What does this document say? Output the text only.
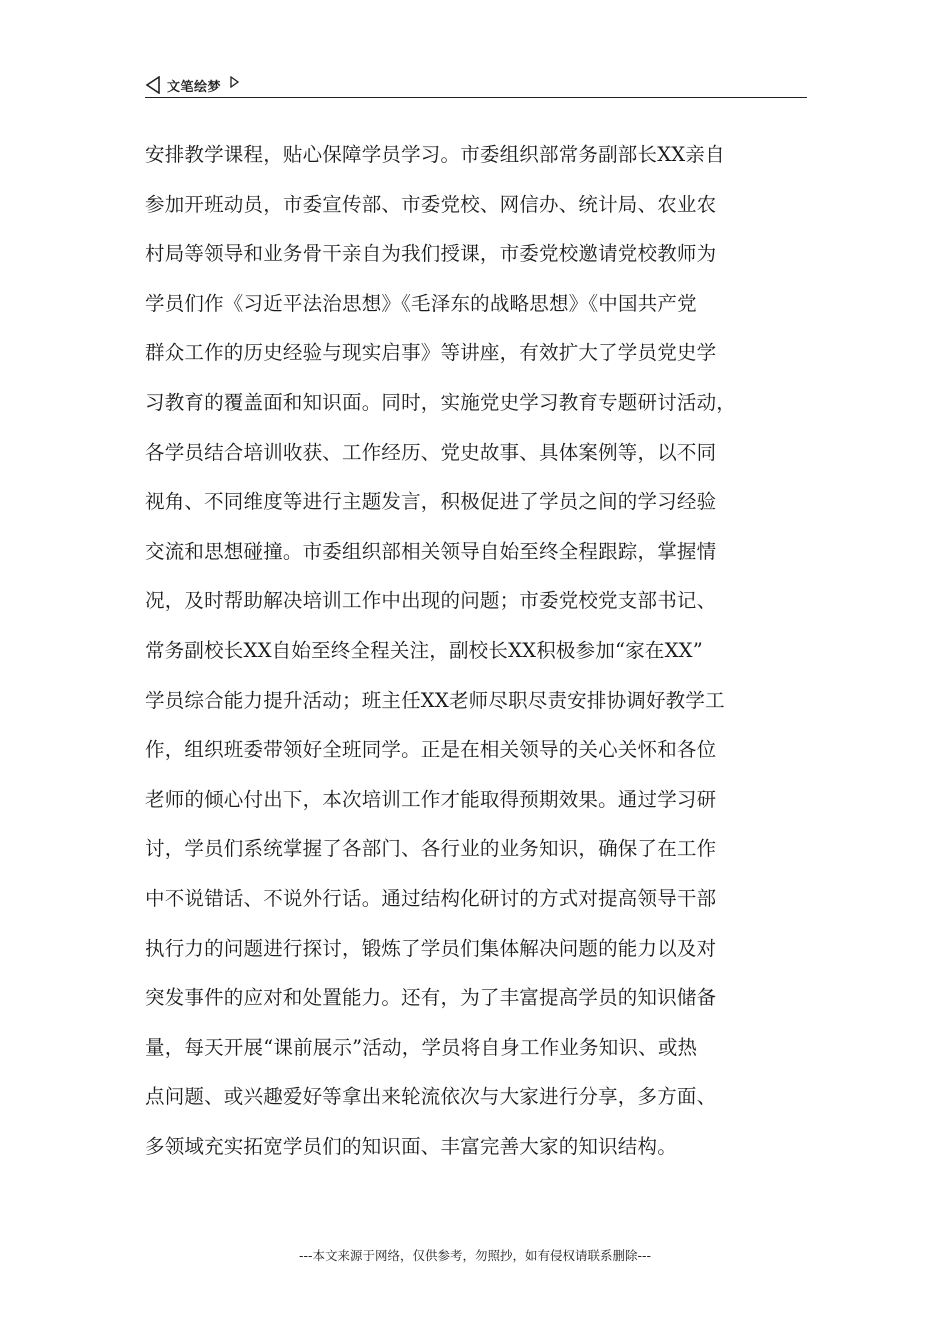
文笔绘梦
安排教学课程，贴心保障学员学习。市委组织部常务副部长XX亲自
参加开班动员，市委宣传部、市委党校、网信办、统计局、农业农
村局等领导和业务骨干亲自为我们授课，市委党校邀请党校教师为
学员们作《习近平法治思想》《毛泽东的战略思想》《中国共产党
群众工作的历史经验与现实启事》等讲座，有效扩大了学员党史学
习教育的覆盖面和知识面。同时，实施党史学习教育专题研讨活动，
各学员结合培训收获、工作经历、党史故事、具体案例等，以不同
视角、不同维度等进行主题发言，积极促进了学员之间的学习经验
交流和思想碰撞。市委组织部相关领导自始至终全程跟踪，掌握情
况，及时帮助解决培训工作中出现的问题；市委党校党支部书记、
常务副校长XX自始至终全程关注，副校长XX积极参加“家在XX”
学员综合能力提升活动；班主任XX老师尽职尽责安排协调好教学工
作，组织班委带领好全班同学。正是在相关领导的关心关怀和各位
老师的倾心付出下，本次培训工作才能取得预期效果。通过学习研
讨，学员们系统掌握了各部门、各行业的业务知识，确保了在工作
中不说错话、不说外行话。通过结构化研讨的方式对提高领导干部
执行力的问题进行探讨，锻炼了学员们集体解决问题的能力以及对
突发事件的应对和处置能力。还有，为了丰富提高学员的知识储备
量，每天开展“课前展示”活动，学员将自身工作业务知识、或热
点问题、或兴趣爱好等拿出来轮流依次与大家进行分享，多方面、
多领域充实拓宽学员们的知识面、丰富完善大家的知识结构。
---本文来源于网络，仅供参考，勿照抄，如有侵权请联系删除---
